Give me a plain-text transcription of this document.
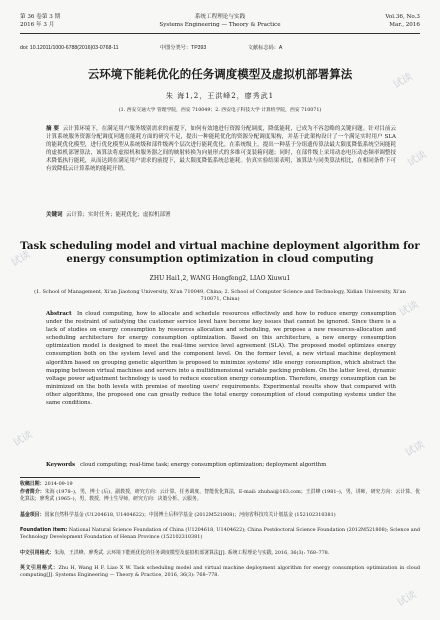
第 36 卷第 3 期	系统工程理论与实践	Vol.36, No.3
2016 年 3 月	Systems Engineering — Theory & Practice	Mar., 2016
doi: 10.12011/1000-6788(2016)03-0768-11	中图分类号：TP393	文献标志码：A
云环境下能耗优化的任务调度模型及虚拟机部署算法
朱 海1,2，王洪峰2，廖秀武1
(1. 西安交通大学 管理学院，西安 710049；2. 西安电子科技大学 计算机学院，西安 710071)
摘 要 云计算环境下，在满足用户服务级别需求的前提下，如何有效地进行资源分配调度，降低能耗，已成为不容忽略的关键问题。针对目前云计算系统服务资源分配调度问题在能耗方面的研究不足，提出一种能耗优化的资源分配调度架构，并基于此架构设计了一个满足实时用户 SLA 的能耗优化模型，进行优化模型从系统级和部件级两个层次进行能耗优化。在系统级上，提出一种基于分组遗传算法最大限度降低系统空闲能耗的虚拟机部署算法，该算法将虚拟机和服务器之间的映射转换为向量形式的多维可变装箱问题；同时，在部件级上采用动态电压动态频率调整技术降低执行能耗，从而达到在满足用户需求的前提下，最大限度降低系统总能耗。仿真实验结果表明，该算法与同类算法相比，在相同条件下可有效降低云计算系统的能耗开销。
关键词 云计算；实时任务；能耗优化；虚拟机部署
Task scheduling model and virtual machine deployment algorithm for energy consumption optimization in cloud computing
ZHU Hai1,2, WANG Hongfeng2, LIAO Xiuwu1
(1. School of Management, Xi'an Jiaotong University, Xi'an 710049, China; 2. School of Computer Science and Technology, Xidian University, Xi'an 710071, China)
Abstract In cloud computing, how to allocate and schedule resources effectively and how to reduce energy consumption under the restraint of satisfying the customer service level have become key issues that cannot be ignored. Since there is a lack of studies on energy consumption by resources allocation and scheduling, we propose a new resources-allocation and scheduling architecture for energy consumption optimization. Based on this architecture, a new energy consumption optimization model is designed to meet the real-time service level agreement (SLA). The proposed model optimizes energy consumption both on the system level and the component level. On the former level, a new virtual machine deployment algorithm based on grouping genetic algorithm is proposed to minimize systems' idle energy consumption, which abstract the mapping between virtual machines and servers into a multidimensional variable packing problem. On the latter level, dynamic voltage power adjustment technology is used to reduce execution energy consumption. Therefore, energy consumption can be minimized on the both levels with premise of meeting users' requirements. Experimental results show that compared with other algorithms, the proposed one can greatly reduce the total energy consumption of cloud computing systems under the same conditions.
Keywords cloud computing; real-time task; energy consumption optimization; deployment algorithm
收稿日期：2014-09-19
作者简介：朱海 (1978–)，男，博士 (后)，副教授，研究方向：云计算、任务调度、智能优化算法，E-mail: zhuhai@163.com；王洪峰 (1981–)，男，讲师，研究方向：云计算、优化算法；廖秀武 (1965–)，男，教授，博士生导师，研究方向：决策分析、云服务。
基金项目：国家自然科学基金 (U1204618, U1404622)；中国博士后科学基金 (2012M521808)；河南省科技攻关计划基金 (152102310381)
Foundation item: National Natural Science Foundation of China (U1204618, U1404622); China Postdoctoral Science Foundation (2012M521808); Science and Technology Development Foundation of Henan Province (152102310381)
中文引用格式：朱海，王洪峰，廖秀武. 云环境下能耗优化的任务调度模型及虚拟机部署算法[J]. 系统工程理论与实践, 2016, 36(3): 768–778.
英文引用格式：Zhu H, Wang H F, Liao X W. Task scheduling model and virtual machine deployment algorithm for energy consumption optimization in cloud computing[J]. Systems Engineering — Theory & Practice, 2016, 36(3): 768–778.
试读
试读
试读
试读
试读
试读
试读
